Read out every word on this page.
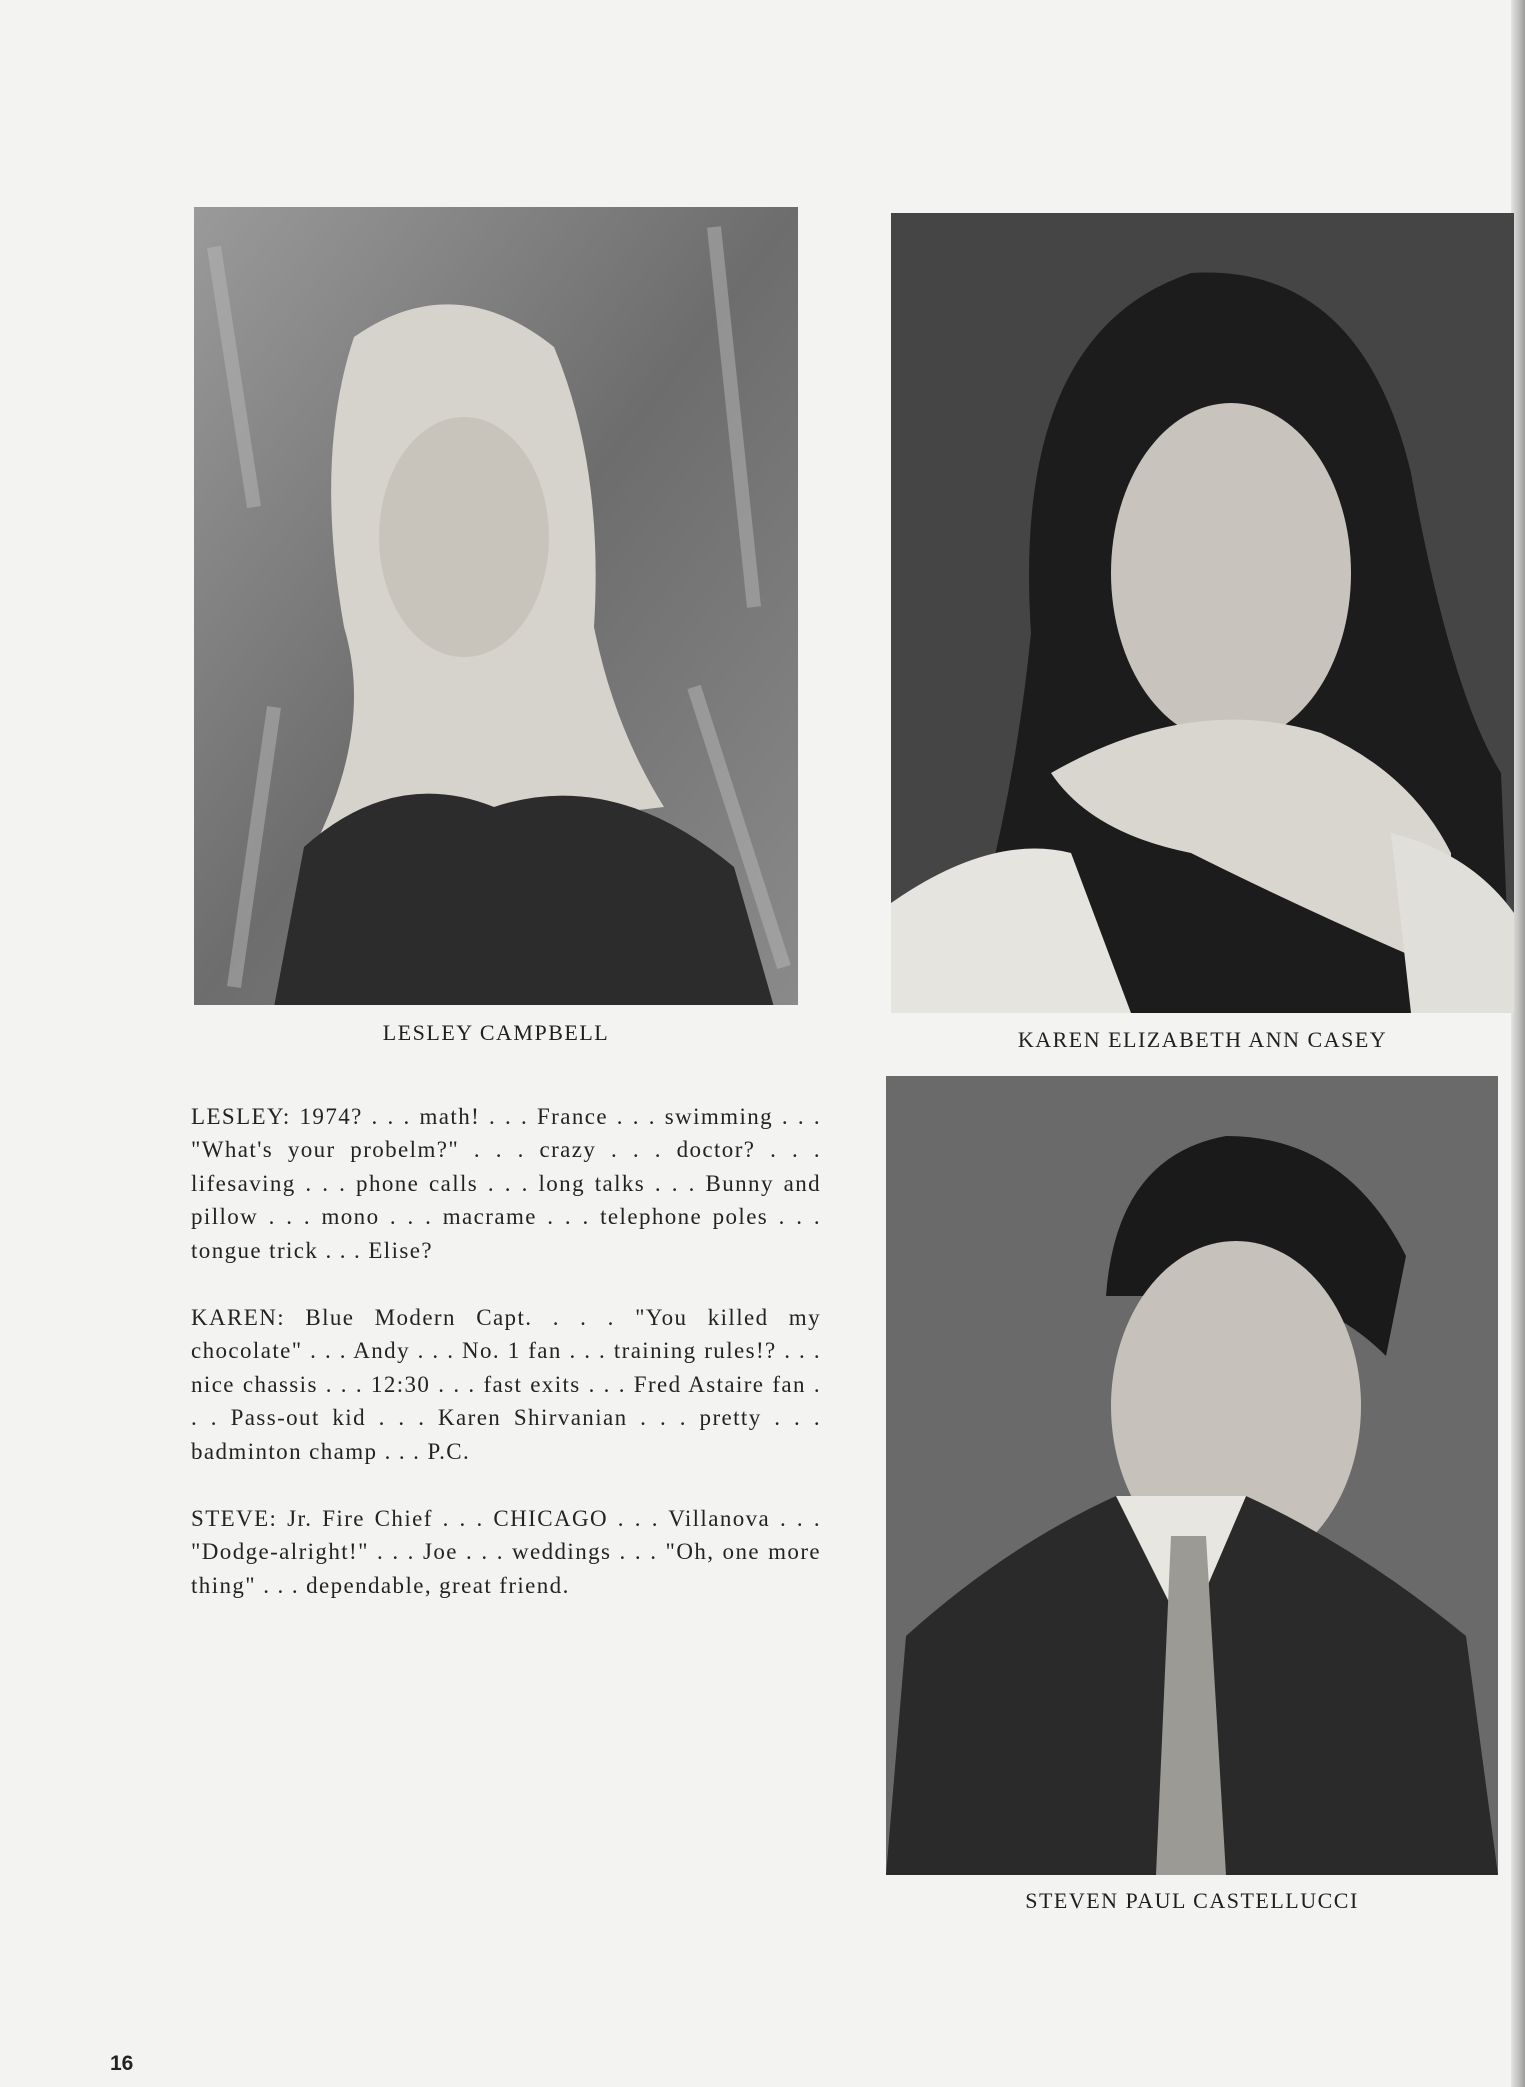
LESLEY CAMPBELL	KAREN ELIZABETH ANN CASEY
STEVEN PAUL CASTELLUCCI

LESLEY: 1974? . . . math! . . . France . . . swimming . . . "What's your probelm?" . . . crazy . . . doctor? . . . lifesaving . . . phone calls . . . long talks . . . Bunny and pillow . . . mono . . . macrame . . . telephone poles . . . tongue trick . . . Elise?

KAREN: Blue Modern Capt. . . . "You killed my chocolate" . . . Andy . . . No. 1 fan . . . training rules!? . . . nice chassis . . . 12:30 . . . fast exits . . . Fred Astaire fan . . . Pass-out kid . . . Karen Shirvanian . . . pretty . . . badminton champ . . . P.C.

STEVE: Jr. Fire Chief . . . CHICAGO . . . Villanova . . . "Dodge-alright!" . . . Joe . . . weddings . . . "Oh, one more thing" . . . dependable, great friend.

16
